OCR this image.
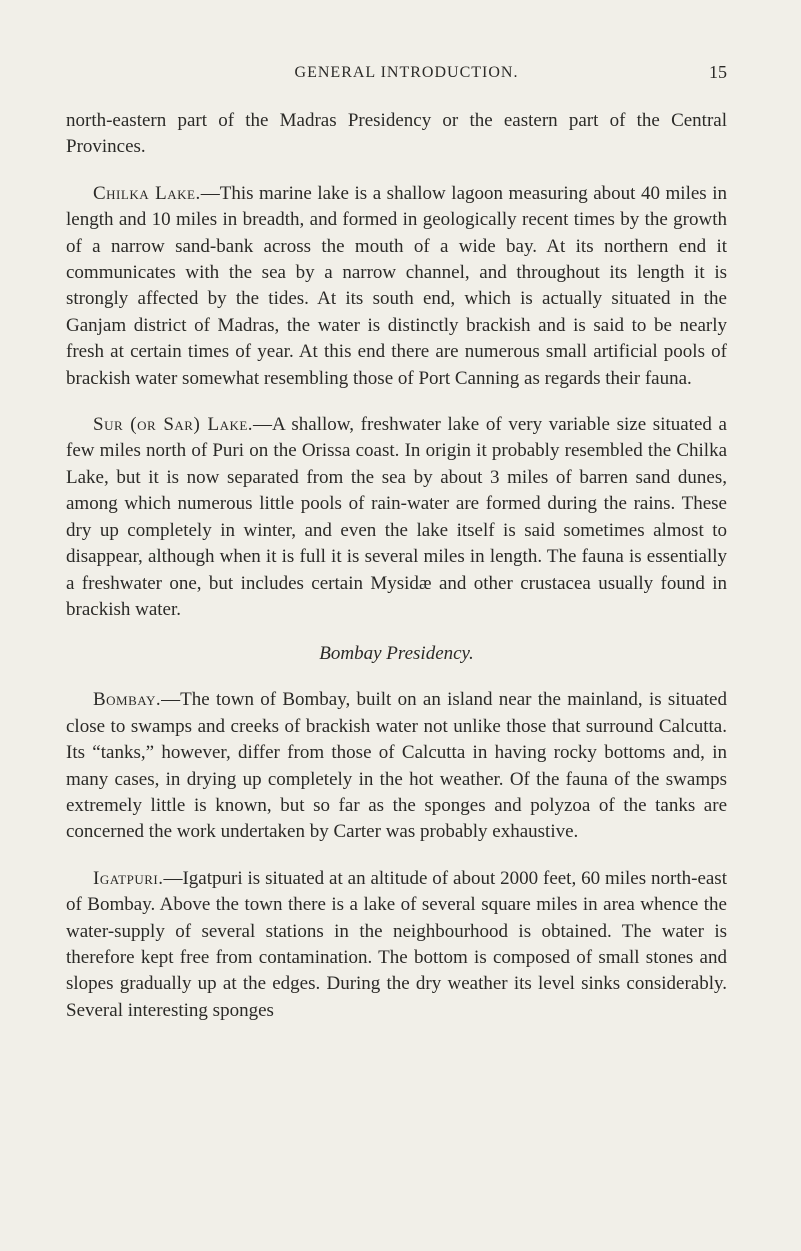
GENERAL INTRODUCTION.	15

north-eastern part of the Madras Presidency or the eastern part of the Central Provinces.

Chilka Lake.—This marine lake is a shallow lagoon measuring about 40 miles in length and 10 miles in breadth, and formed in geologically recent times by the growth of a narrow sand-bank across the mouth of a wide bay. At its northern end it communicates with the sea by a narrow channel, and throughout its length it is strongly affected by the tides. At its south end, which is actually situated in the Ganjam district of Madras, the water is distinctly brackish and is said to be nearly fresh at certain times of year. At this end there are numerous small artificial pools of brackish water somewhat resembling those of Port Canning as regards their fauna.

Sur (or Sar) Lake.—A shallow, freshwater lake of very variable size situated a few miles north of Puri on the Orissa coast. In origin it probably resembled the Chilka Lake, but it is now separated from the sea by about 3 miles of barren sand dunes, among which numerous little pools of rain-water are formed during the rains. These dry up completely in winter, and even the lake itself is said sometimes almost to disappear, although when it is full it is several miles in length. The fauna is essentially a freshwater one, but includes certain Mysidæ and other crustacea usually found in brackish water.

Bombay Presidency.

Bombay.—The town of Bombay, built on an island near the mainland, is situated close to swamps and creeks of brackish water not unlike those that surround Calcutta. Its “tanks,” however, differ from those of Calcutta in having rocky bottoms and, in many cases, in drying up completely in the hot weather. Of the fauna of the swamps extremely little is known, but so far as the sponges and polyzoa of the tanks are concerned the work undertaken by Carter was probably exhaustive.

Igatpuri.—Igatpuri is situated at an altitude of about 2000 feet, 60 miles north-east of Bombay. Above the town there is a lake of several square miles in area whence the water-supply of several stations in the neighbourhood is obtained. The water is therefore kept free from contamination. The bottom is composed of small stones and slopes gradually up at the edges. During the dry weather its level sinks considerably. Several interesting sponges
